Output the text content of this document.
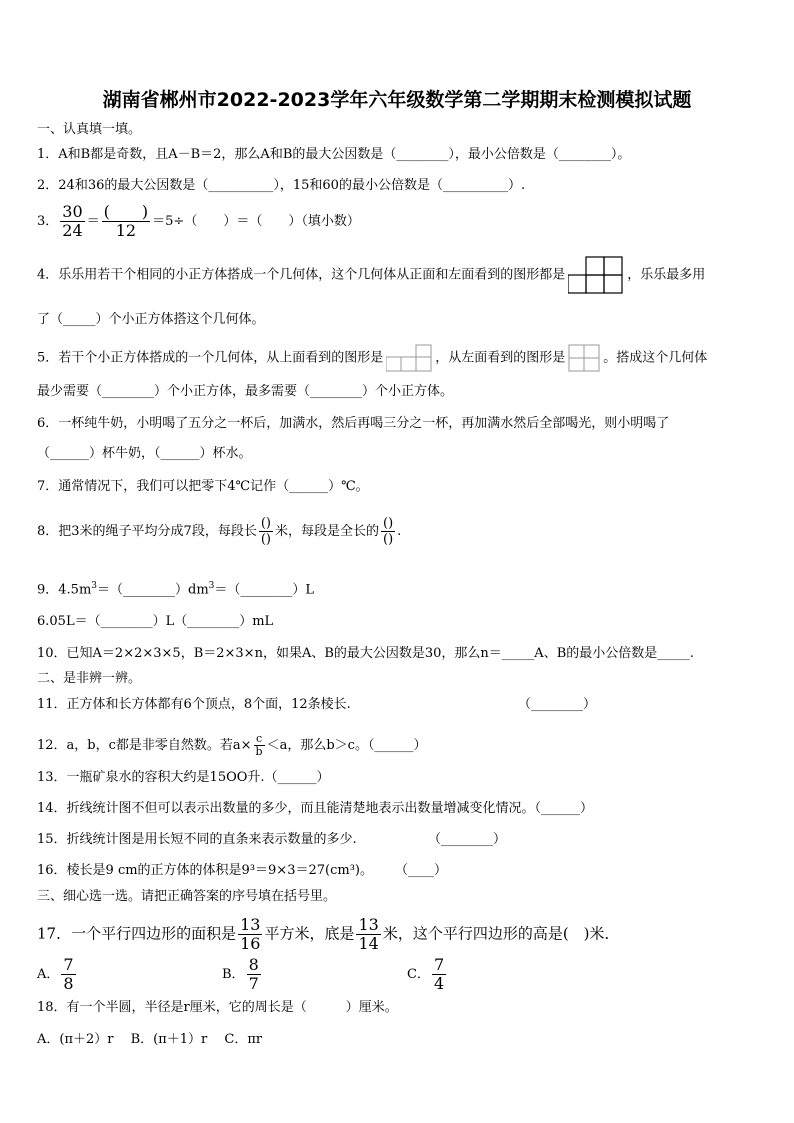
湖南省郴州市2022-2023学年六年级数学第二学期期末检测模拟试题
一、认真填一填。
1．A和B都是奇数，且A－B＝2，那么A和B的最大公因数是（________），最小公倍数是（________）。
2．24和36的最大公因数是（__________），15和60的最小公倍数是（__________）.
3． $\frac{30}{24} = \frac{( )}{12} =5\div$（　　）＝（　　）（填小数）
4．乐乐用若干个相同的小正方体搭成一个几何体，这个几何体从正面和左面看到的图形都是	，乐乐最多用
了（_____）个小正方体搭这个几何体。
5．若干个小正方体搭成的一个几何体，从上面看到的图形是	，从左面看到的图形是	。搭成这个几何体
最少需要（________）个小正方体，最多需要（________）个小正方体。
6．一杯纯牛奶，小明喝了五分之一杯后，加满水，然后再喝三分之一杯，再加满水然后全部喝光，则小明喝了
（______）杯牛奶，（______）杯水。
7．通常情况下，我们可以把零下4℃记作（______）℃。
8．把3米的绳子平均分成7段，每段长 $\frac{()}{()}$ 米，每段是全长的 $\frac{()}{()}$ .
9．$4.5m^3=(\_\_\_\_\_\_\_\_)dm^3=(\_\_\_\_\_\_\_\_)L$
6.05L＝（________）L（________）mL
10．已知A＝2×2×3×5，B＝2×3×n，如果A、B的最大公因数是30，那么n＝_____A、B的最小公倍数是_____.
二、是非辨一辨。
11．正方体和长方体都有6个顶点，8个面，12条棱长.	（________）
12．a，b，c都是非零自然数。若$a\times \frac{c}{b} <a$，那么b＞c。（______）
13．一瓶矿泉水的容积大约是15OO升.（______）
14．折线统计图不但可以表示出数量的多少，而且能清楚地表示出数量增减变化情况。（______）
15．折线统计图是用长短不同的直条来表示数量的多少.	（________）
16．棱长是9 cm的正方体的体积是9³＝9×3＝27(cm³)。 （____）
三、细心选一选。请把正确答案的序号填在括号里。
17．一个平行四边形的面积是 $\frac{13}{16}$ 平方米，底是 $\frac{13}{14}$ 米，这个平行四边形的高是(　)米．
A． $\frac{7}{8}$	B． $\frac{8}{7}$	C． $\frac{7}{4}$
18．有一个半圆，半径是r厘米，它的周长是（　　　）厘米。
A．(π＋2）r　 B．(π＋1）r　 C．πr
